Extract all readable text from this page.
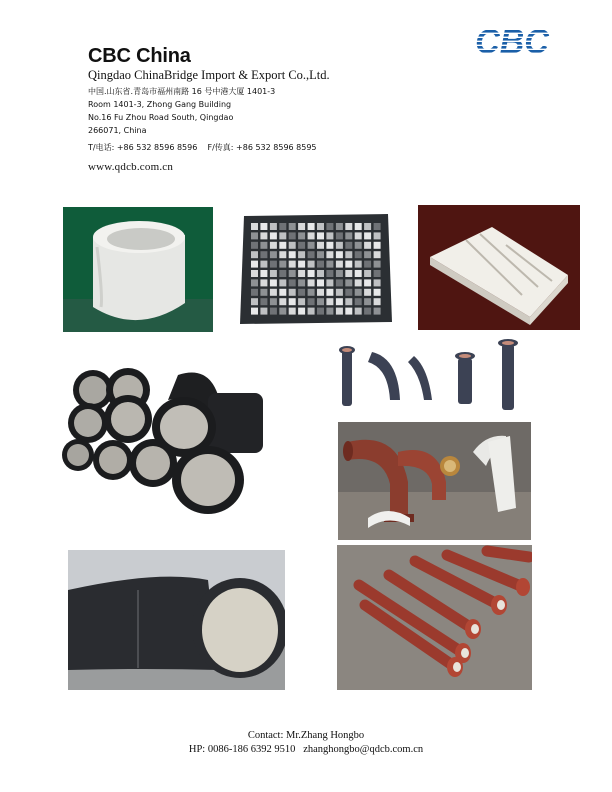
CBC China
Qingdao ChinaBridge Import & Export Co.,Ltd.
中国.山东省.青岛市福州南路 16 号中港大厦 1401-3
Room 1401-3, Zhong Gang Building
No.16 Fu Zhou Road South, Qingdao
266071, China
T/电话: +86 532 8596 8596    F/传真: +86 532 8596 8595
www.qdcb.com.cn
CBC
Contact: Mr.Zhang Hongbo
HP: 0086-186 6392 9510   zhanghongbo@qdcb.com.cn
